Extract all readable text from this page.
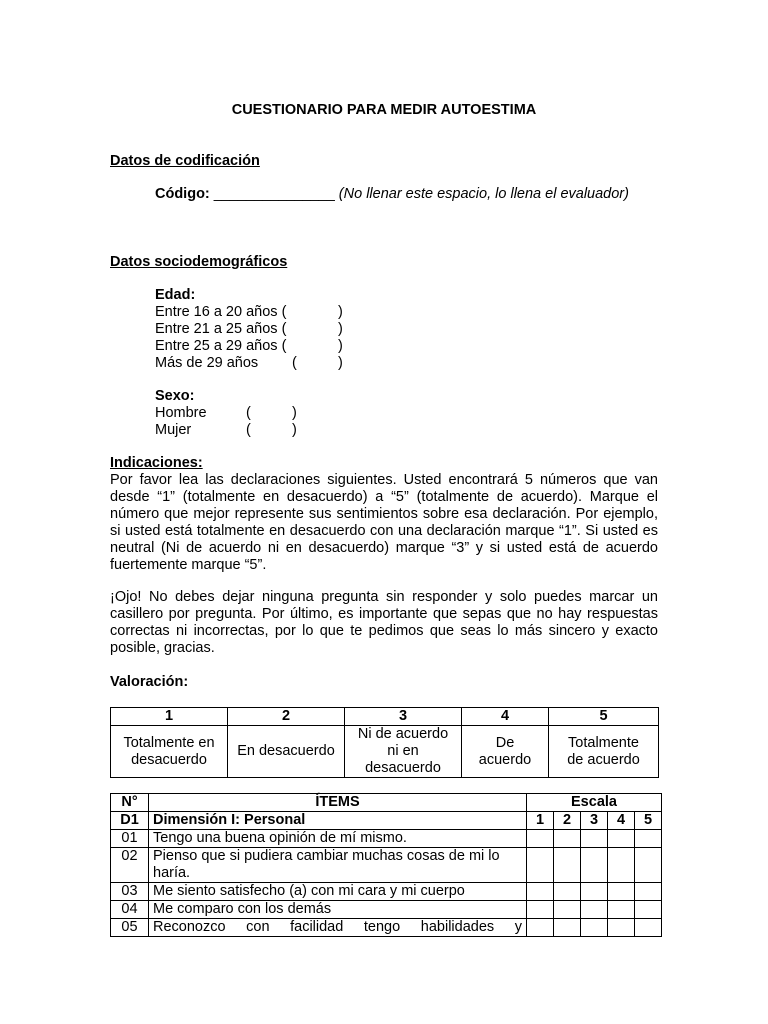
CUESTIONARIO PARA MEDIR AUTOESTIMA
Datos de codificación
Código: _______________ (No llenar este espacio, lo llena el evaluador)
Datos sociodemográficos
Edad:
Entre 16 a 20 años (	)
Entre 21 a 25 años (	)
Entre 25 a 29 años (	)
Más de 29 años (	)
Sexo:
Hombre	(	)
Mujer	(	)
Indicaciones:
Por favor lea las declaraciones siguientes. Usted encontrará 5 números que van desde “1” (totalmente en desacuerdo) a “5” (totalmente de acuerdo). Marque el número que mejor represente sus sentimientos sobre esa declaración. Por ejemplo, si usted está totalmente en desacuerdo con una declaración marque “1”. Si usted es neutral (Ni de acuerdo ni en desacuerdo) marque “3” y si usted está de acuerdo fuertemente marque “5”.
¡Ojo! No debes dejar ninguna pregunta sin responder y solo puedes marcar un casillero por pregunta. Por último, es importante que sepas que no hay respuestas correctas ni incorrectas, por lo que te pedimos que seas lo más sincero y exacto posible, gracias.
Valoración:
1	2	3	4	5
Totalmente en desacuerdo	En desacuerdo	Ni de acuerdo ni en desacuerdo	De acuerdo	Totalmente de acuerdo
N°	ÍTEMS	Escala				
D1	Dimensión I: Personal	1	2	3	4	5
01	Tengo una buena opinión de mí mismo.					
02	Pienso que si pudiera cambiar muchas cosas de mi lo haría.					
03	Me siento satisfecho (a) con mi cara y mi cuerpo					
04	Me comparo con los demás					
05	Reconozco con facilidad tengo habilidades y					
